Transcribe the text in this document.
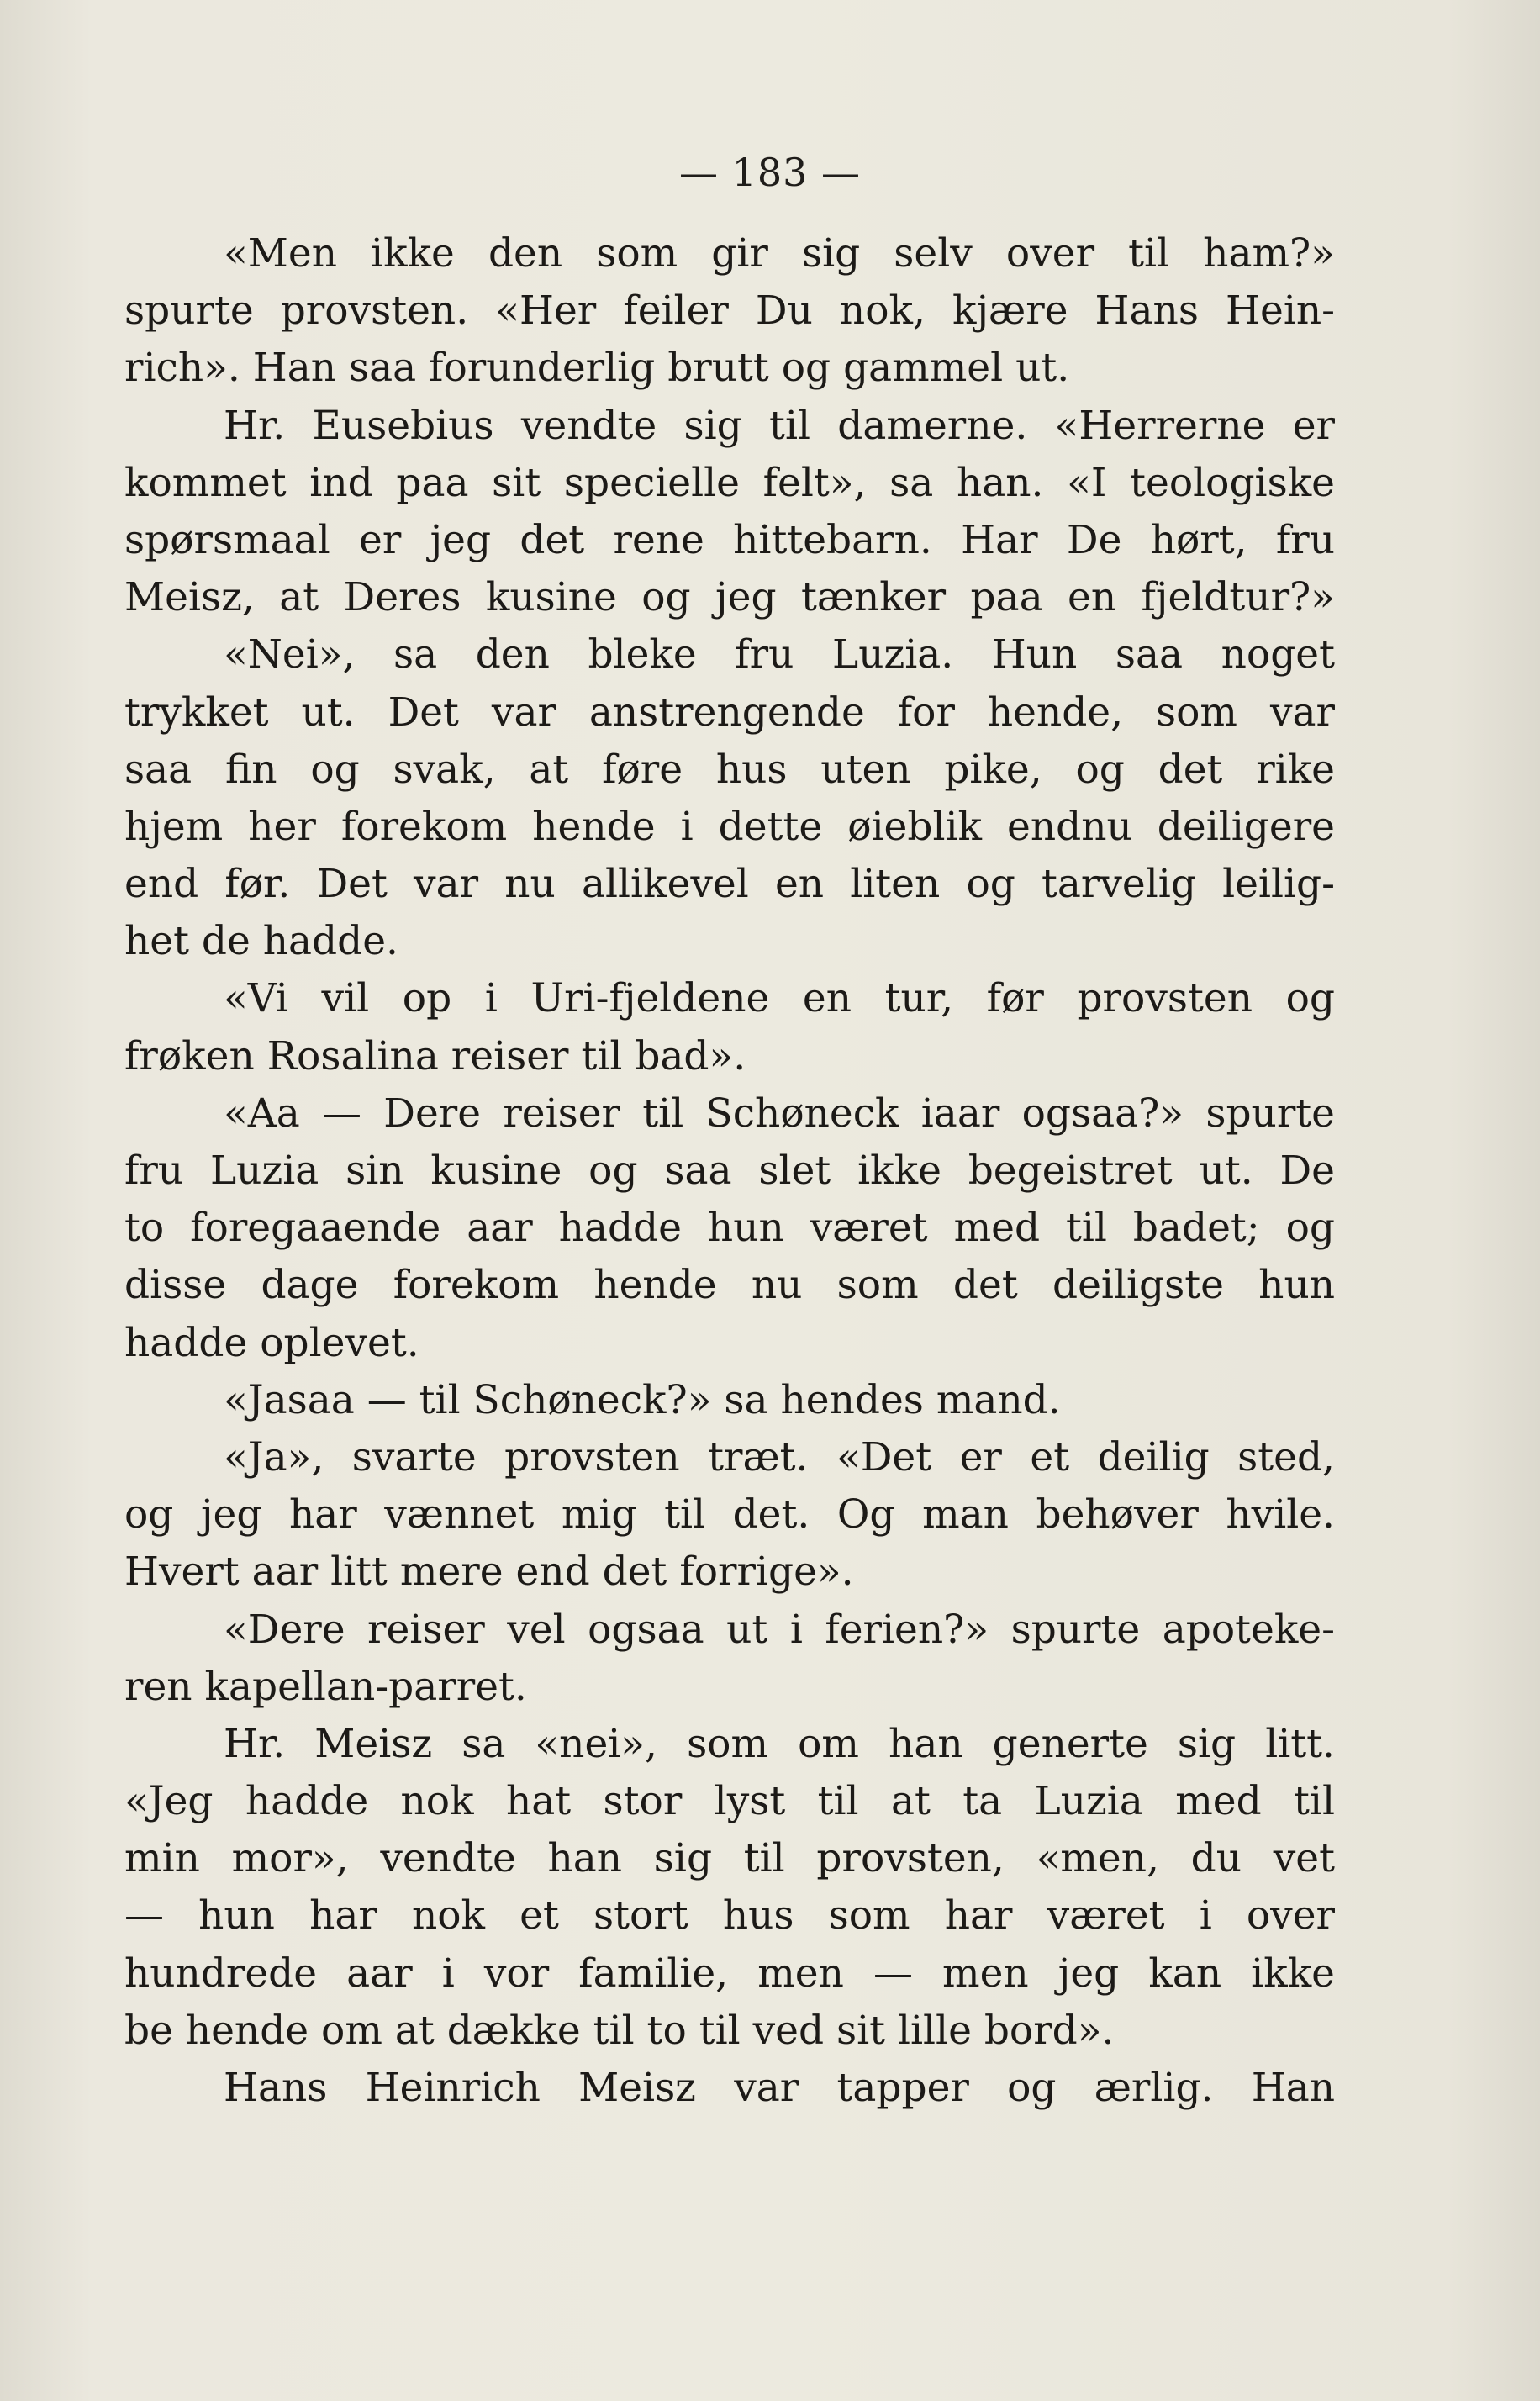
— 183 —
«Men ikke den som gir sig selv over til ham?»
spurte provsten. «Her feiler Du nok, kjære Hans Hein-
rich». Han saa forunderlig brutt og gammel ut.
Hr. Eusebius vendte sig til damerne. «Herrerne er
kommet ind paa sit specielle felt», sa han. «I teologiske
spørsmaal er jeg det rene hittebarn. Har De hørt, fru
Meisz, at Deres kusine og jeg tænker paa en fjeldtur?»
«Nei», sa den bleke fru Luzia. Hun saa noget
trykket ut. Det var anstrengende for hende, som var
saa fin og svak, at føre hus uten pike, og det rike
hjem her forekom hende i dette øieblik endnu deiligere
end før. Det var nu allikevel en liten og tarvelig leilig-
het de hadde.
«Vi vil op i Uri-fjeldene en tur, før provsten og
frøken Rosalina reiser til bad».
«Aa — Dere reiser til Schøneck iaar ogsaa?» spurte
fru Luzia sin kusine og saa slet ikke begeistret ut. De
to foregaaende aar hadde hun været med til badet; og
disse dage forekom hende nu som det deiligste hun
hadde oplevet.
«Jasaa — til Schøneck?» sa hendes mand.
«Ja», svarte provsten træt. «Det er et deilig sted,
og jeg har vænnet mig til det. Og man behøver hvile.
Hvert aar litt mere end det forrige».
«Dere reiser vel ogsaa ut i ferien?» spurte apoteke-
ren kapellan-parret.
Hr. Meisz sa «nei», som om han generte sig litt.
«Jeg hadde nok hat stor lyst til at ta Luzia med til
min mor», vendte han sig til provsten, «men, du vet
— hun har nok et stort hus som har været i over
hundrede aar i vor familie, men — men jeg kan ikke
be hende om at dække til to til ved sit lille bord».
Hans Heinrich Meisz var tapper og ærlig. Han
